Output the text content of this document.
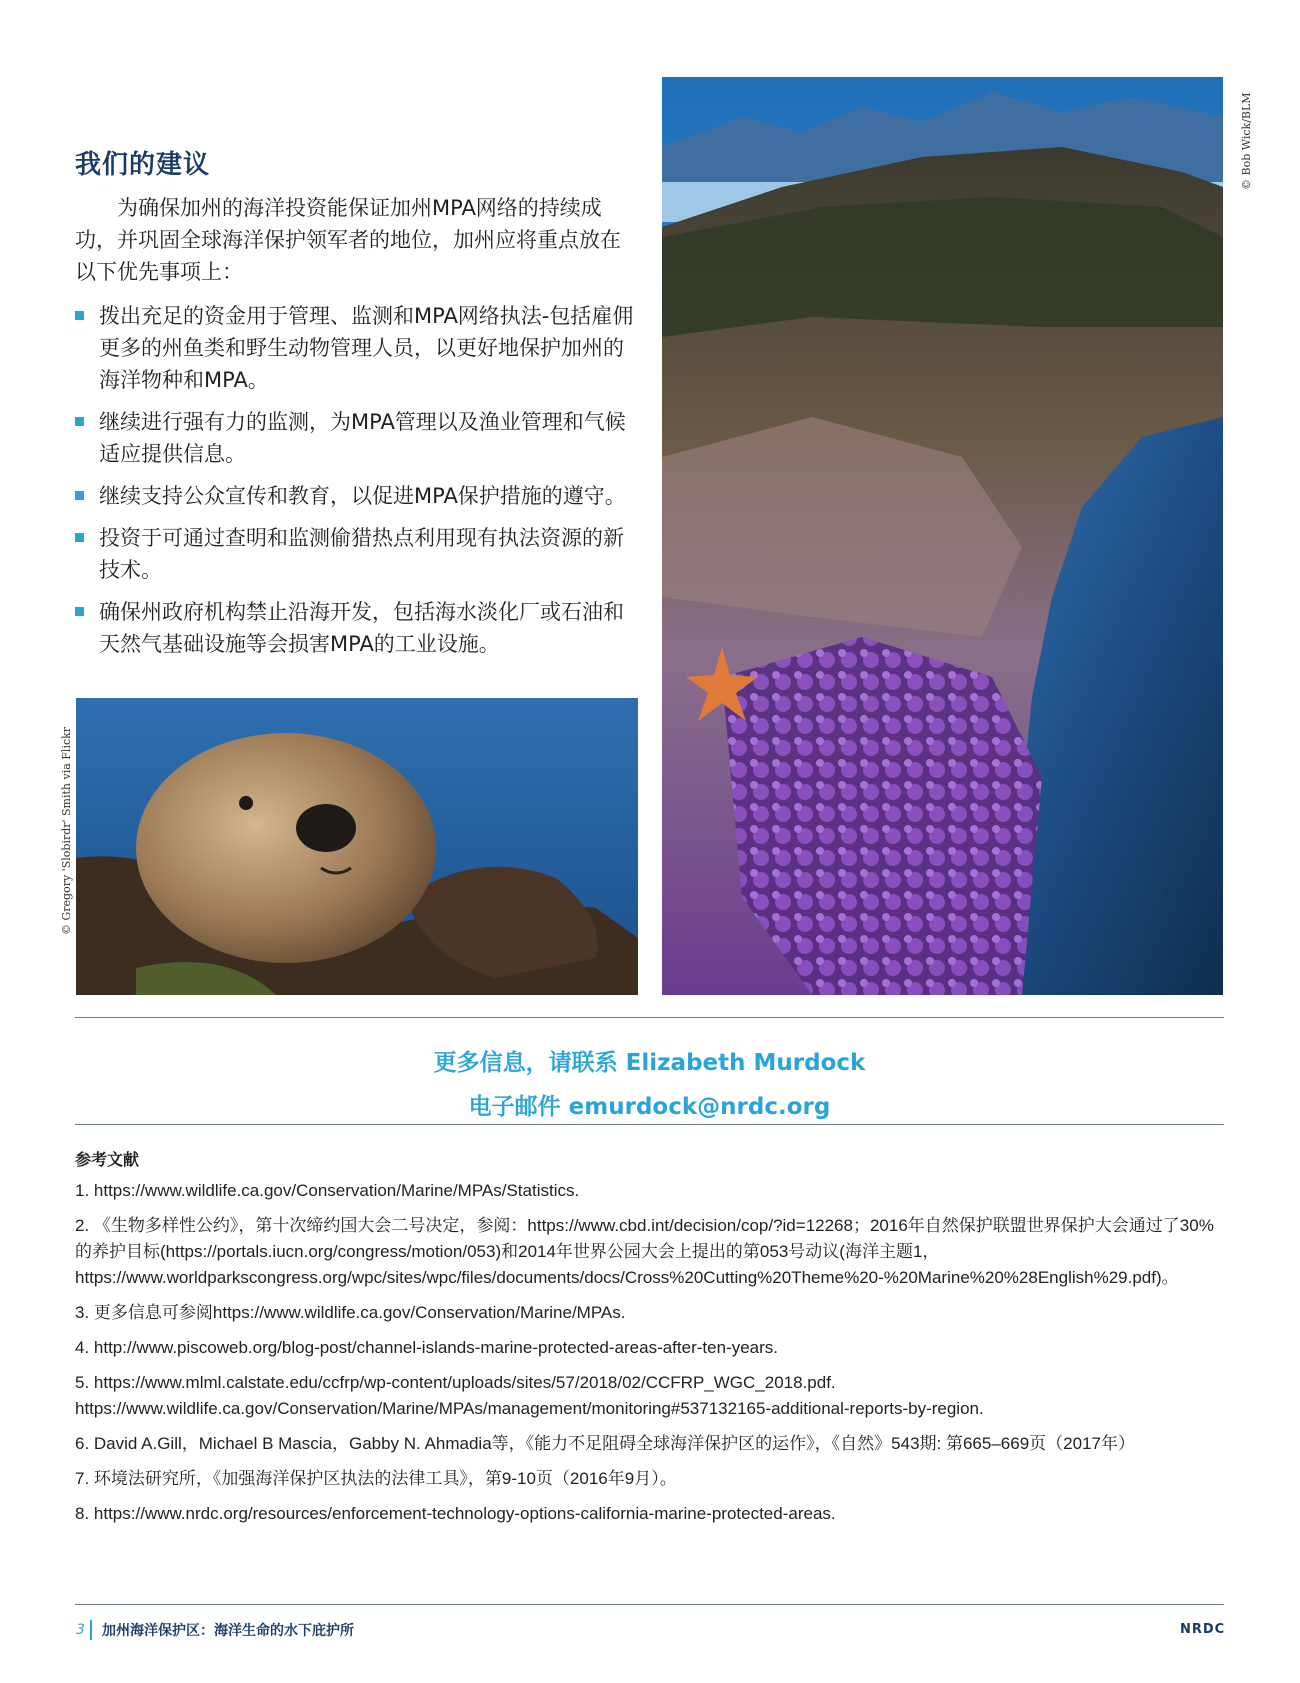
我们的建议

为确保加州的海洋投资能保证加州MPA网络的持续成功，并巩固全球海洋保护领军者的地位，加州应将重点放在以下优先事项上：

拨出充足的资金用于管理、监测和MPA网络执法-包括雇佣更多的州鱼类和野生动物管理人员，以更好地保护加州的海洋物种和MPA。
继续进行强有力的监测，为MPA管理以及渔业管理和气候适应提供信息。
继续支持公众宣传和教育，以促进MPA保护措施的遵守。
投资于可通过查明和监测偷猎热点利用现有执法资源的新技术。
确保州政府机构禁止沿海开发，包括海水淡化厂或石油和天然气基础设施等会损害MPA的工业设施。
© Bob Wick/BLM
© Gregory 'Slobirdr' Smith via Flickr

更多信息，请联系 Elizabeth Murdock

电子邮件 emurdock@nrdc.org

参考文献
1. https://www.wildlife.ca.gov/Conservation/Marine/MPAs/Statistics.
2. 《生物多样性公约》，第十次缔约国大会二号决定，参阅：https://www.cbd.int/decision/cop/?id=12268；2016年自然保护联盟世界保护大会通过了30%的养护目标(https://portals.iucn.org/congress/motion/053)和2014年世界公园大会上提出的第053号动议(海洋主题1，https://www.worldparkscongress.org/wpc/sites/wpc/files/documents/docs/Cross%20Cutting%20Theme%20-%20Marine%20%28English%29.pdf)。
3. 更多信息可参阅https://www.wildlife.ca.gov/Conservation/Marine/MPAs.
4. http://www.piscoweb.org/blog-post/channel-islands-marine-protected-areas-after-ten-years.
5. https://www.mlml.calstate.edu/ccfrp/wp-content/uploads/sites/57/2018/02/CCFRP_WGC_2018.pdf. https://www.wildlife.ca.gov/Conservation/Marine/MPAs/management/monitoring#537132165-additional-reports-by-region.
6. David A.Gill，Michael B Mascia，Gabby N. Ahmadia等，《能力不足阻碍全球海洋保护区的运作》，《自然》543期: 第665–669页（2017年）
7. 环境法研究所，《加强海洋保护区执法的法律工具》，第9-10页（2016年9月）。
8. https://www.nrdc.org/resources/enforcement-technology-options-california-marine-protected-areas.
3 加州海洋保护区：海洋生命的水下庇护所	NRDC
